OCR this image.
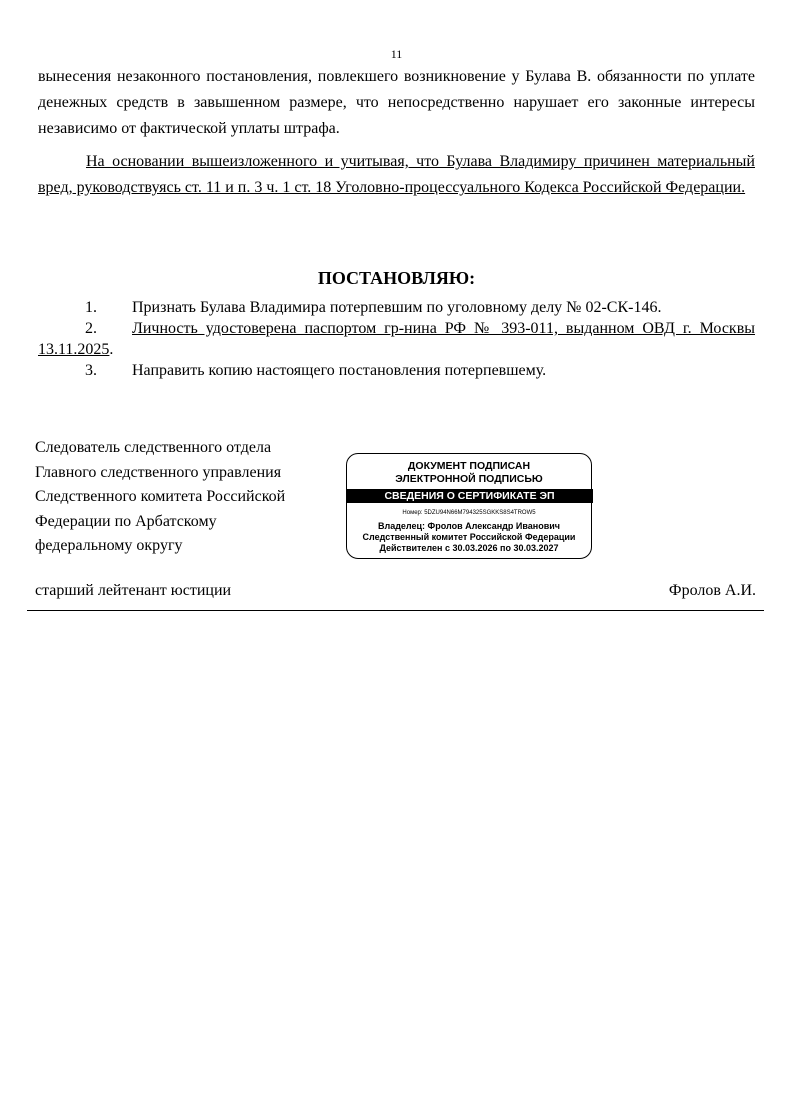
11

вынесения незаконного постановления, повлекшего возникновение у Булава В. обязанности по уплате денежных средств в завышенном размере, что непосредственно нарушает его законные интересы независимо от фактической уплаты штрафа.

На основании вышеизложенного и учитывая, что Булава Владимиру причинен материальный вред, руководствуясь ст. 11 и п. 3 ч. 1 ст. 18 Уголовно-процессуального Кодекса Российской Федерации.

ПОСТАНОВЛЯЮ:
1. Признать Булава Владимира потерпевшим по уголовному делу № 02-СК-146.
2. Личность удостоверена паспортом гр-нина РФ № 393-011, выданном ОВД г. Москвы 13.11.2025.
3. Направить копию настоящего постановления потерпевшему.
Следователь следственного отдела
Главного следственного управления
Следственного комитета Российской
Федерации по Арбатскому
федеральному округу
ДОКУМЕНТ ПОДПИСАН
ЭЛЕКТРОННОЙ ПОДПИСЬЮ
СВЕДЕНИЯ О СЕРТИФИКАТЕ ЭП
Номер: 5DZU94N66M794325SGKKS8S4TROW5
Владелец: Фролов Александр Иванович
Следственный комитет Российской Федерации
Действителен с 30.03.2026 по 30.03.2027
старший лейтенант юстиции	Фролов А.И.
